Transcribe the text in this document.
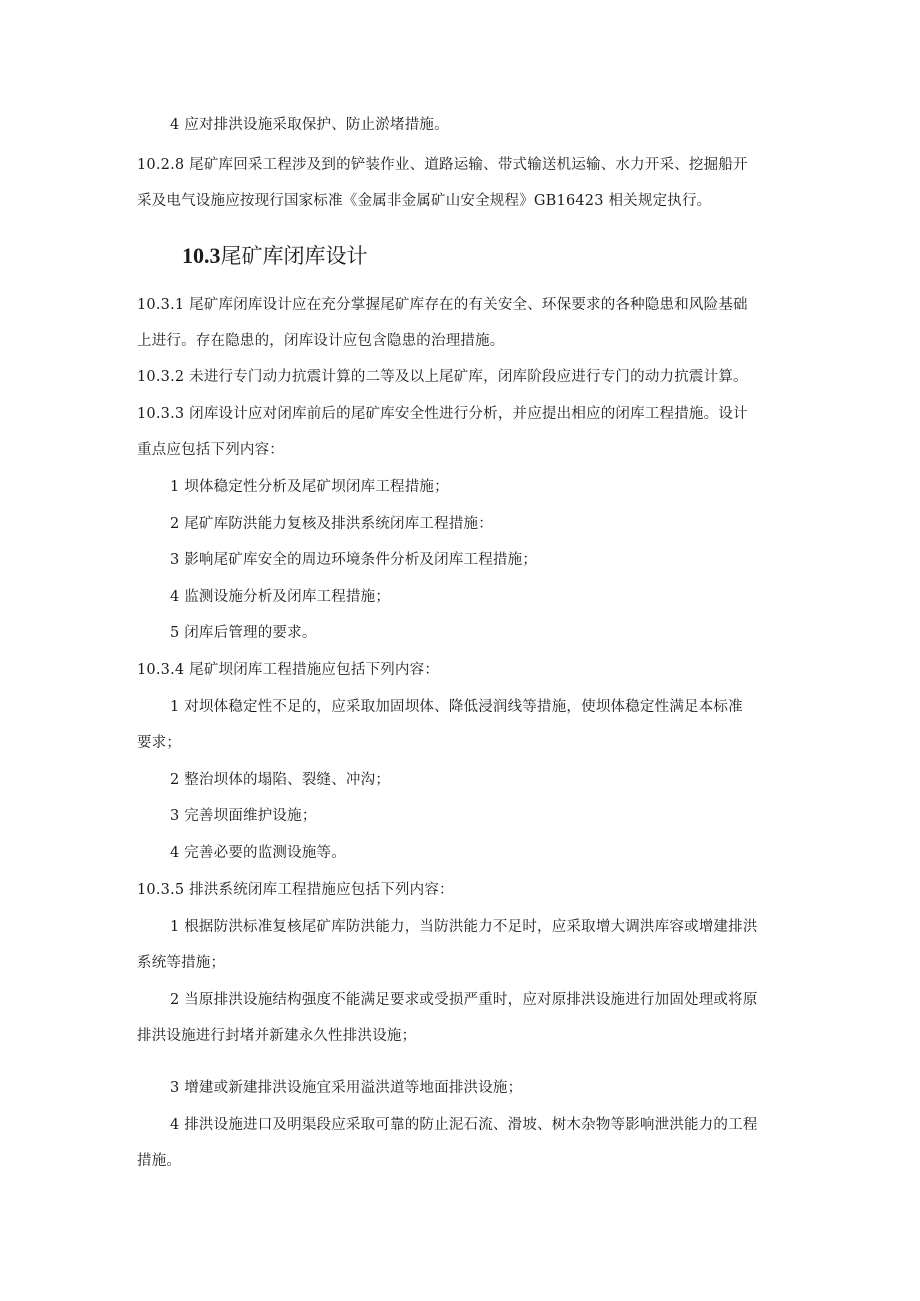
4 应对排洪设施采取保护、防止淤堵措施。
10.2.8 尾矿库回采工程涉及到的铲装作业、道路运输、带式输送机运输、水力开采、挖掘船开
采及电气设施应按现行国家标准《金属非金属矿山安全规程》GB16423 相关规定执行。
10.3尾矿库闭库设计
10.3.1 尾矿库闭库设计应在充分掌握尾矿库存在的有关安全、环保要求的各种隐患和风险基础
上进行。存在隐患的，闭库设计应包含隐患的治理措施。
10.3.2 未进行专门动力抗震计算的二等及以上尾矿库，闭库阶段应进行专门的动力抗震计算。
10.3.3 闭库设计应对闭库前后的尾矿库安全性进行分析，并应提出相应的闭库工程措施。设计
重点应包括下列内容：
1 坝体稳定性分析及尾矿坝闭库工程措施；
2 尾矿库防洪能力复核及排洪系统闭库工程措施：
3 影响尾矿库安全的周边环境条件分析及闭库工程措施；
4 监测设施分析及闭库工程措施；
5 闭库后管理的要求。
10.3.4 尾矿坝闭库工程措施应包括下列内容：
1 对坝体稳定性不足的，应采取加固坝体、降低浸润线等措施，使坝体稳定性满足本标准
要求；
2 整治坝体的塌陷、裂缝、冲沟；
3 完善坝面维护设施；
4 完善必要的监测设施等。
10.3.5 排洪系统闭库工程措施应包括下列内容：
1 根据防洪标准复核尾矿库防洪能力，当防洪能力不足时，应采取增大调洪库容或增建排洪
系统等措施；
2 当原排洪设施结构强度不能满足要求或受损严重时，应对原排洪设施进行加固处理或将原
排洪设施进行封堵并新建永久性排洪设施；
3 增建或新建排洪设施宜采用溢洪道等地面排洪设施；
4 排洪设施进口及明渠段应采取可靠的防止泥石流、滑坡、树木杂物等影响泄洪能力的工程
措施。
